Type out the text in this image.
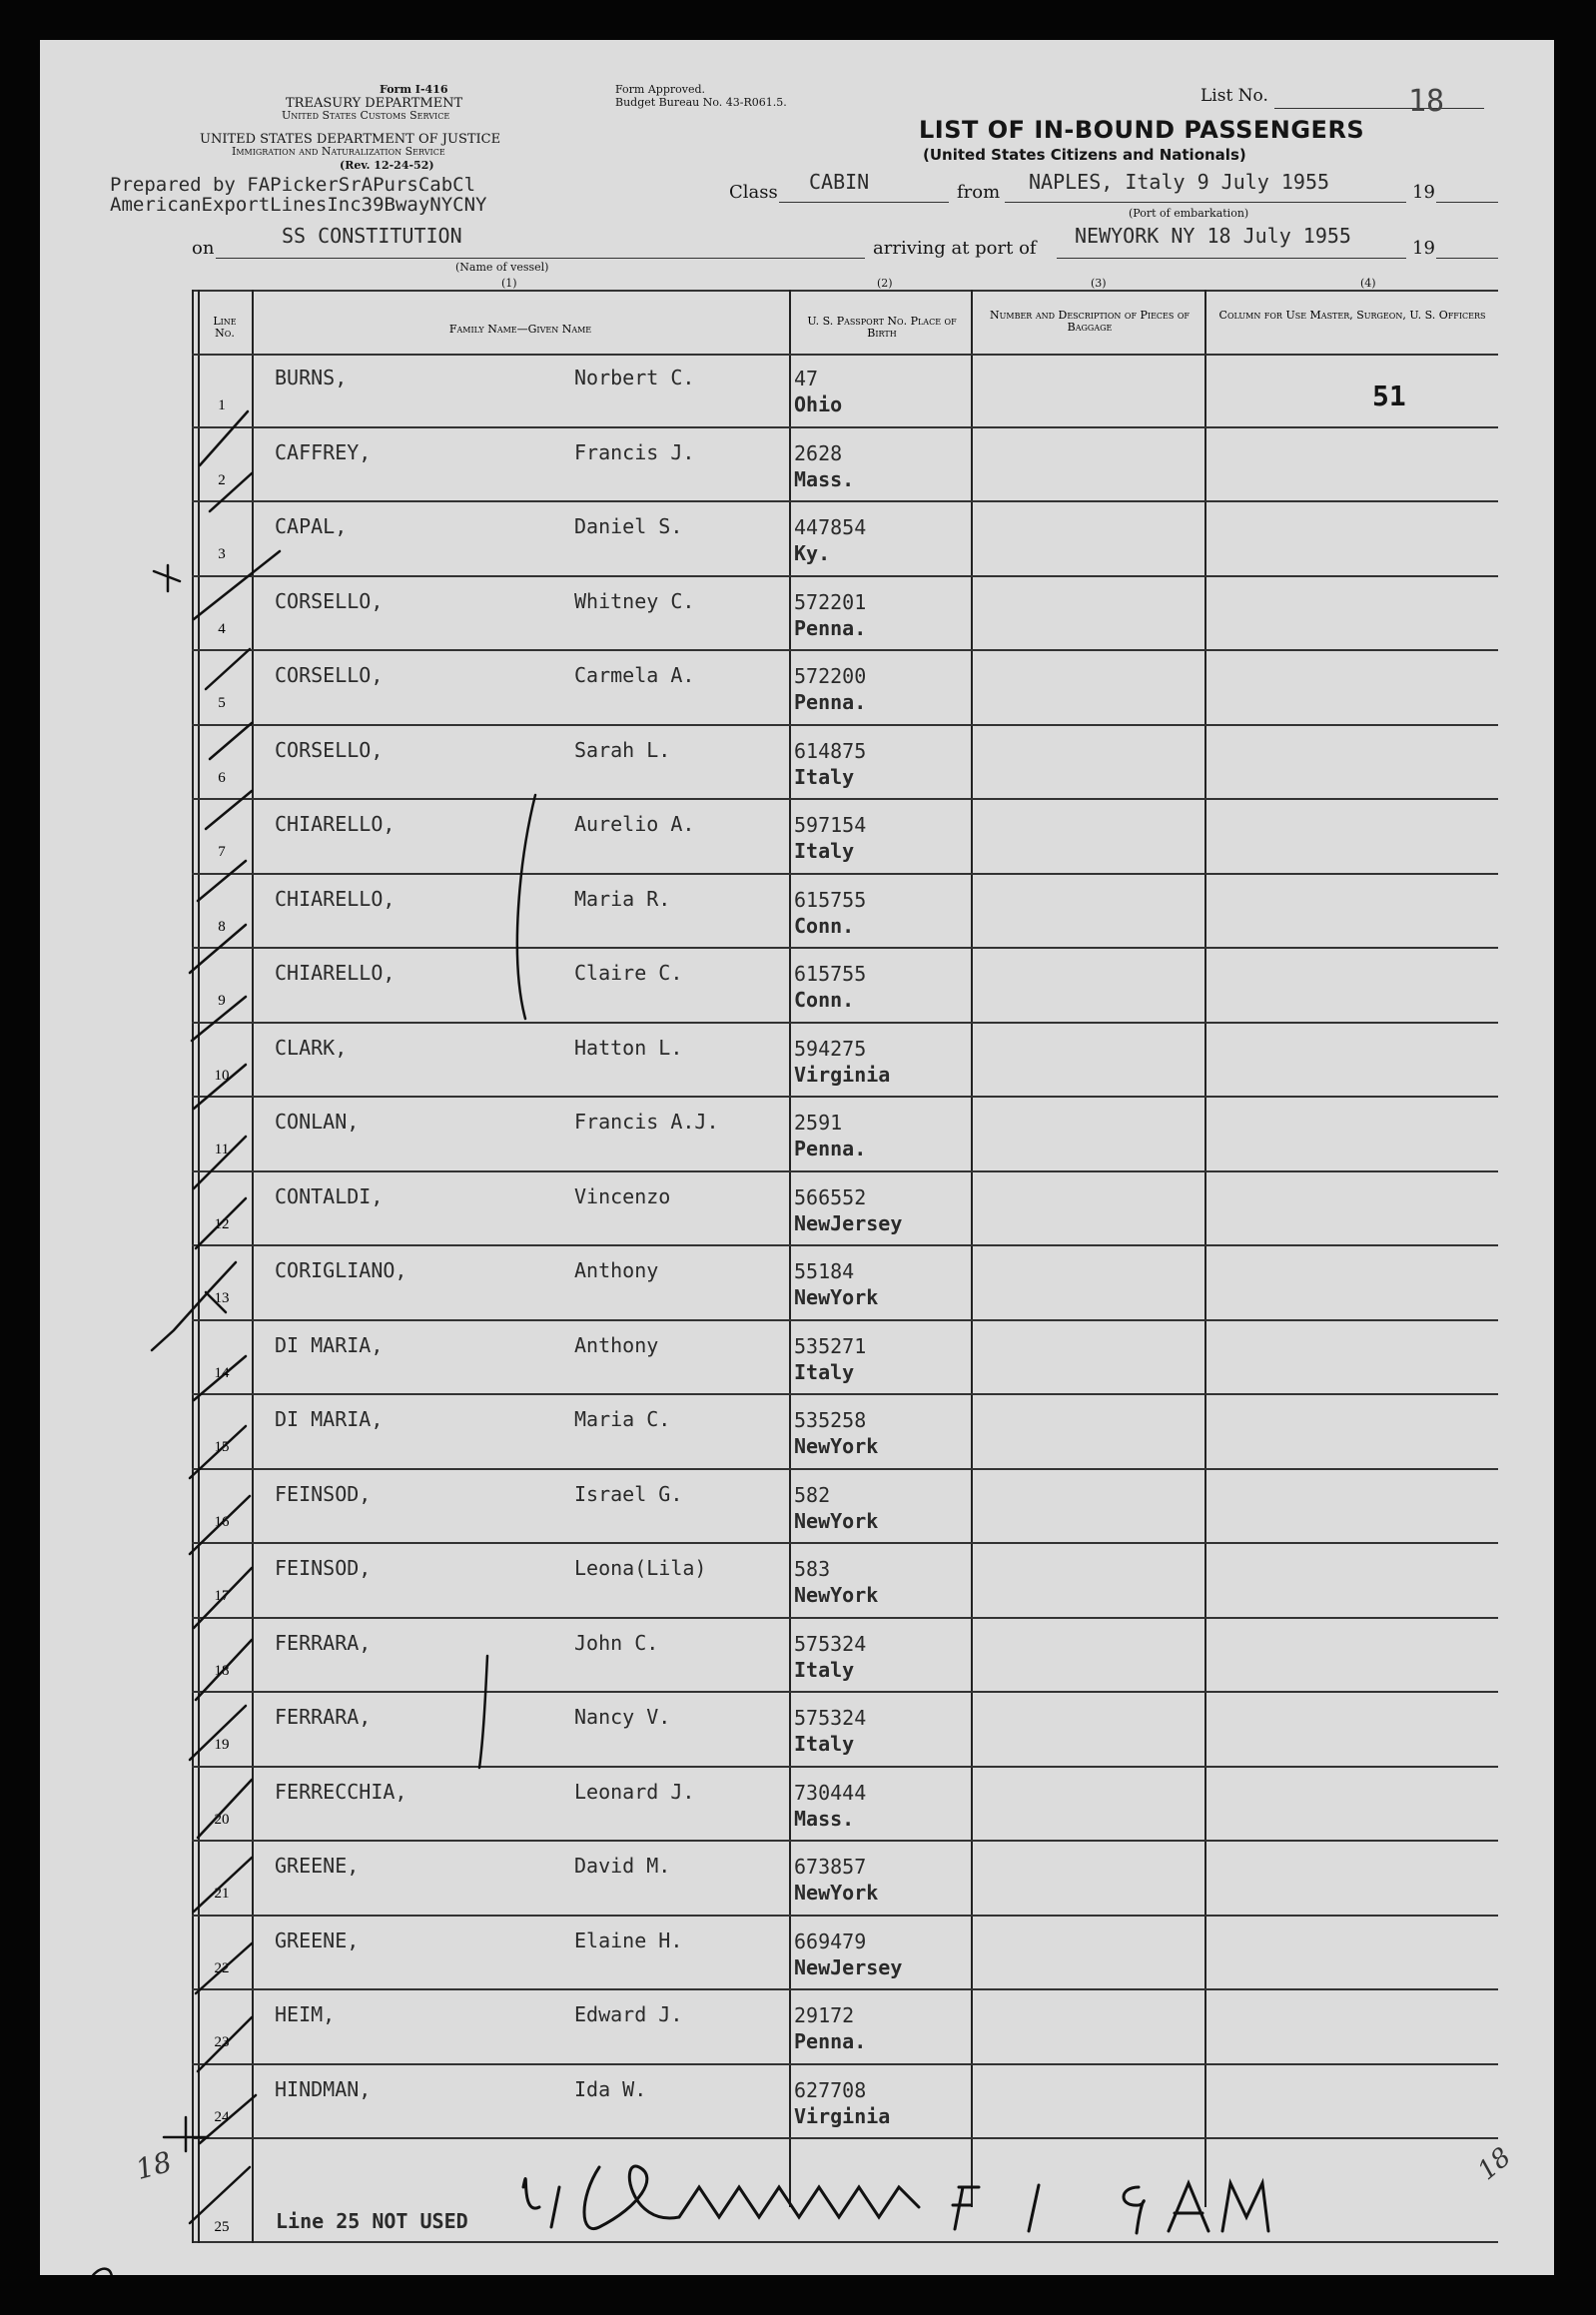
Form I-416
TREASURY DEPARTMENT
United States Customs Service
UNITED STATES DEPARTMENT OF JUSTICE
Immigration and Naturalization Service
(Rev. 12-24-52)
Form Approved.
Budget Bureau No. 43-R061.5.	List No.	18
LIST OF IN-BOUND PASSENGERS
(United States Citizens and Nationals)
Prepared by FAPickerSrAPursCabCl
AmericanExportLinesInc39BwayNYCNY
Class CABIN	from NAPLES, Italy 9 July 1955	19
(Port of embarkation)
on
SS CONSTITUTION
(Name of vessel)
arriving at port of
NEWYORK NY 18 July 1955
19
(1)	(2)	(3)	(4)
Line No.	Family Name—Given Name
U. S. Passport No. Place of Birth
Number and Description of Pieces of Baggage
Column for Use Master, Surgeon, U. S. Officers
1
BURNS,	Norbert C.	47
Ohio	51
2
CAFFREY,	Francis J.	2628
Mass.
3
CAPAL,	Daniel S.	447854
Ky.
4
CORSELLO,	Whitney C.	572201
Penna.
5
CORSELLO,	Carmela A.	572200
Penna.
6
CORSELLO,	Sarah L.	614875
Italy
7
CHIARELLO,	Aurelio A.	597154
Italy
8
CHIARELLO,	Maria R.	615755
Conn.
9
CHIARELLO,	Claire C.	615755
Conn.
10
CLARK,	Hatton L.	594275
Virginia
11
CONLAN,	Francis A.J.	2591
Penna.
12
CONTALDI,	Vincenzo	566552
NewJersey
13
CORIGLIANO,	Anthony	55184
NewYork
14
DI MARIA,	Anthony	535271
Italy
15
DI MARIA,	Maria C.	535258
NewYork
16
FEINSOD,	Israel G.	582
NewYork
17
FEINSOD,	Leona(Lila)	583
NewYork
18
FERRARA,	John C.	575324
Italy
19
FERRARA,	Nancy V.	575324
Italy
20
FERRECCHIA,	Leonard J.	730444
Mass.
21
GREENE,	David M.	673857
NewYork
22
GREENE,	Elaine H.	669479
NewJersey
23
HEIM,	Edward J.	29172
Penna.
24
HINDMAN,	Ida W.	627708
Virginia
25	Line 25 NOT USED
18	18
